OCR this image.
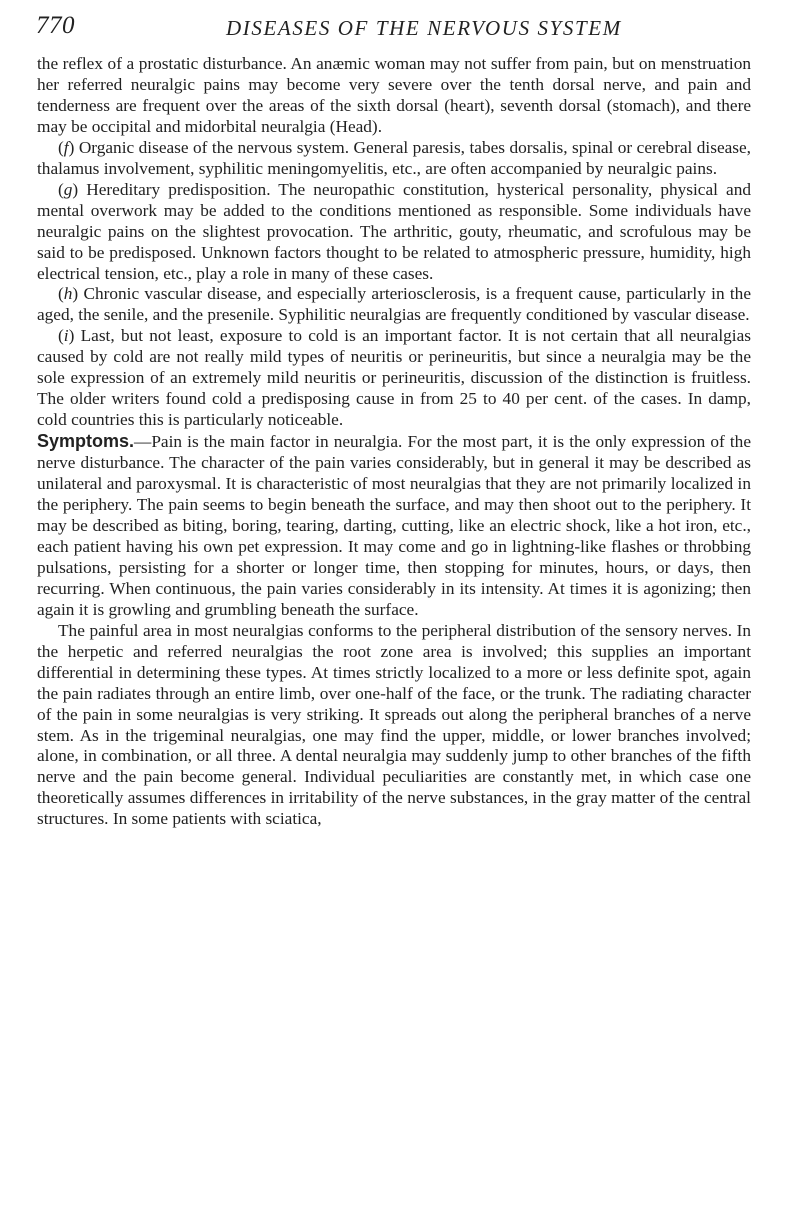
770	DISEASES OF THE NERVOUS SYSTEM

the reflex of a prostatic disturbance. An anæmic woman may not suffer from pain, but on menstruation her referred neuralgic pains may become very severe over the tenth dorsal nerve, and pain and tenderness are frequent over the areas of the sixth dorsal (heart), seventh dorsal (stomach), and there may be occipital and midorbital neuralgia (Head).

(f) Organic disease of the nervous system. General paresis, tabes dorsalis, spinal or cerebral disease, thalamus involvement, syphilitic meningomyelitis, etc., are often accompanied by neuralgic pains.

(g) Hereditary predisposition. The neuropathic constitution, hysterical personality, physical and mental overwork may be added to the conditions mentioned as responsible. Some individuals have neuralgic pains on the slightest provocation. The arthritic, gouty, rheumatic, and scrofulous may be said to be predisposed. Unknown factors thought to be related to atmospheric pressure, humidity, high electrical tension, etc., play a role in many of these cases.

(h) Chronic vascular disease, and especially arteriosclerosis, is a frequent cause, particularly in the aged, the senile, and the presenile. Syphilitic neuralgias are frequently conditioned by vascular disease.

(i) Last, but not least, exposure to cold is an important factor. It is not certain that all neuralgias caused by cold are not really mild types of neuritis or perineuritis, but since a neuralgia may be the sole expression of an extremely mild neuritis or perineuritis, discussion of the distinction is fruitless. The older writers found cold a predisposing cause in from 25 to 40 per cent. of the cases. In damp, cold countries this is particularly noticeable.

Symptoms.—Pain is the main factor in neuralgia. For the most part, it is the only expression of the nerve disturbance. The character of the pain varies considerably, but in general it may be described as unilateral and paroxysmal. It is characteristic of most neuralgias that they are not primarily localized in the periphery. The pain seems to begin beneath the surface, and may then shoot out to the periphery. It may be described as biting, boring, tearing, darting, cutting, like an electric shock, like a hot iron, etc., each patient having his own pet expression. It may come and go in lightning-like flashes or throbbing pulsations, persisting for a shorter or longer time, then stopping for minutes, hours, or days, then recurring. When continuous, the pain varies considerably in its intensity. At times it is agonizing; then again it is growling and grumbling beneath the surface.

The painful area in most neuralgias conforms to the peripheral distribution of the sensory nerves. In the herpetic and referred neuralgias the root zone area is involved; this supplies an important differential in determining these types. At times strictly localized to a more or less definite spot, again the pain radiates through an entire limb, over one-half of the face, or the trunk. The radiating character of the pain in some neuralgias is very striking. It spreads out along the peripheral branches of a nerve stem. As in the trigeminal neuralgias, one may find the upper, middle, or lower branches involved; alone, in combination, or all three. A dental neuralgia may suddenly jump to other branches of the fifth nerve and the pain become general. Individual peculiarities are constantly met, in which case one theoretically assumes differences in irritability of the nerve substances, in the gray matter of the central structures. In some patients with sciatica,
